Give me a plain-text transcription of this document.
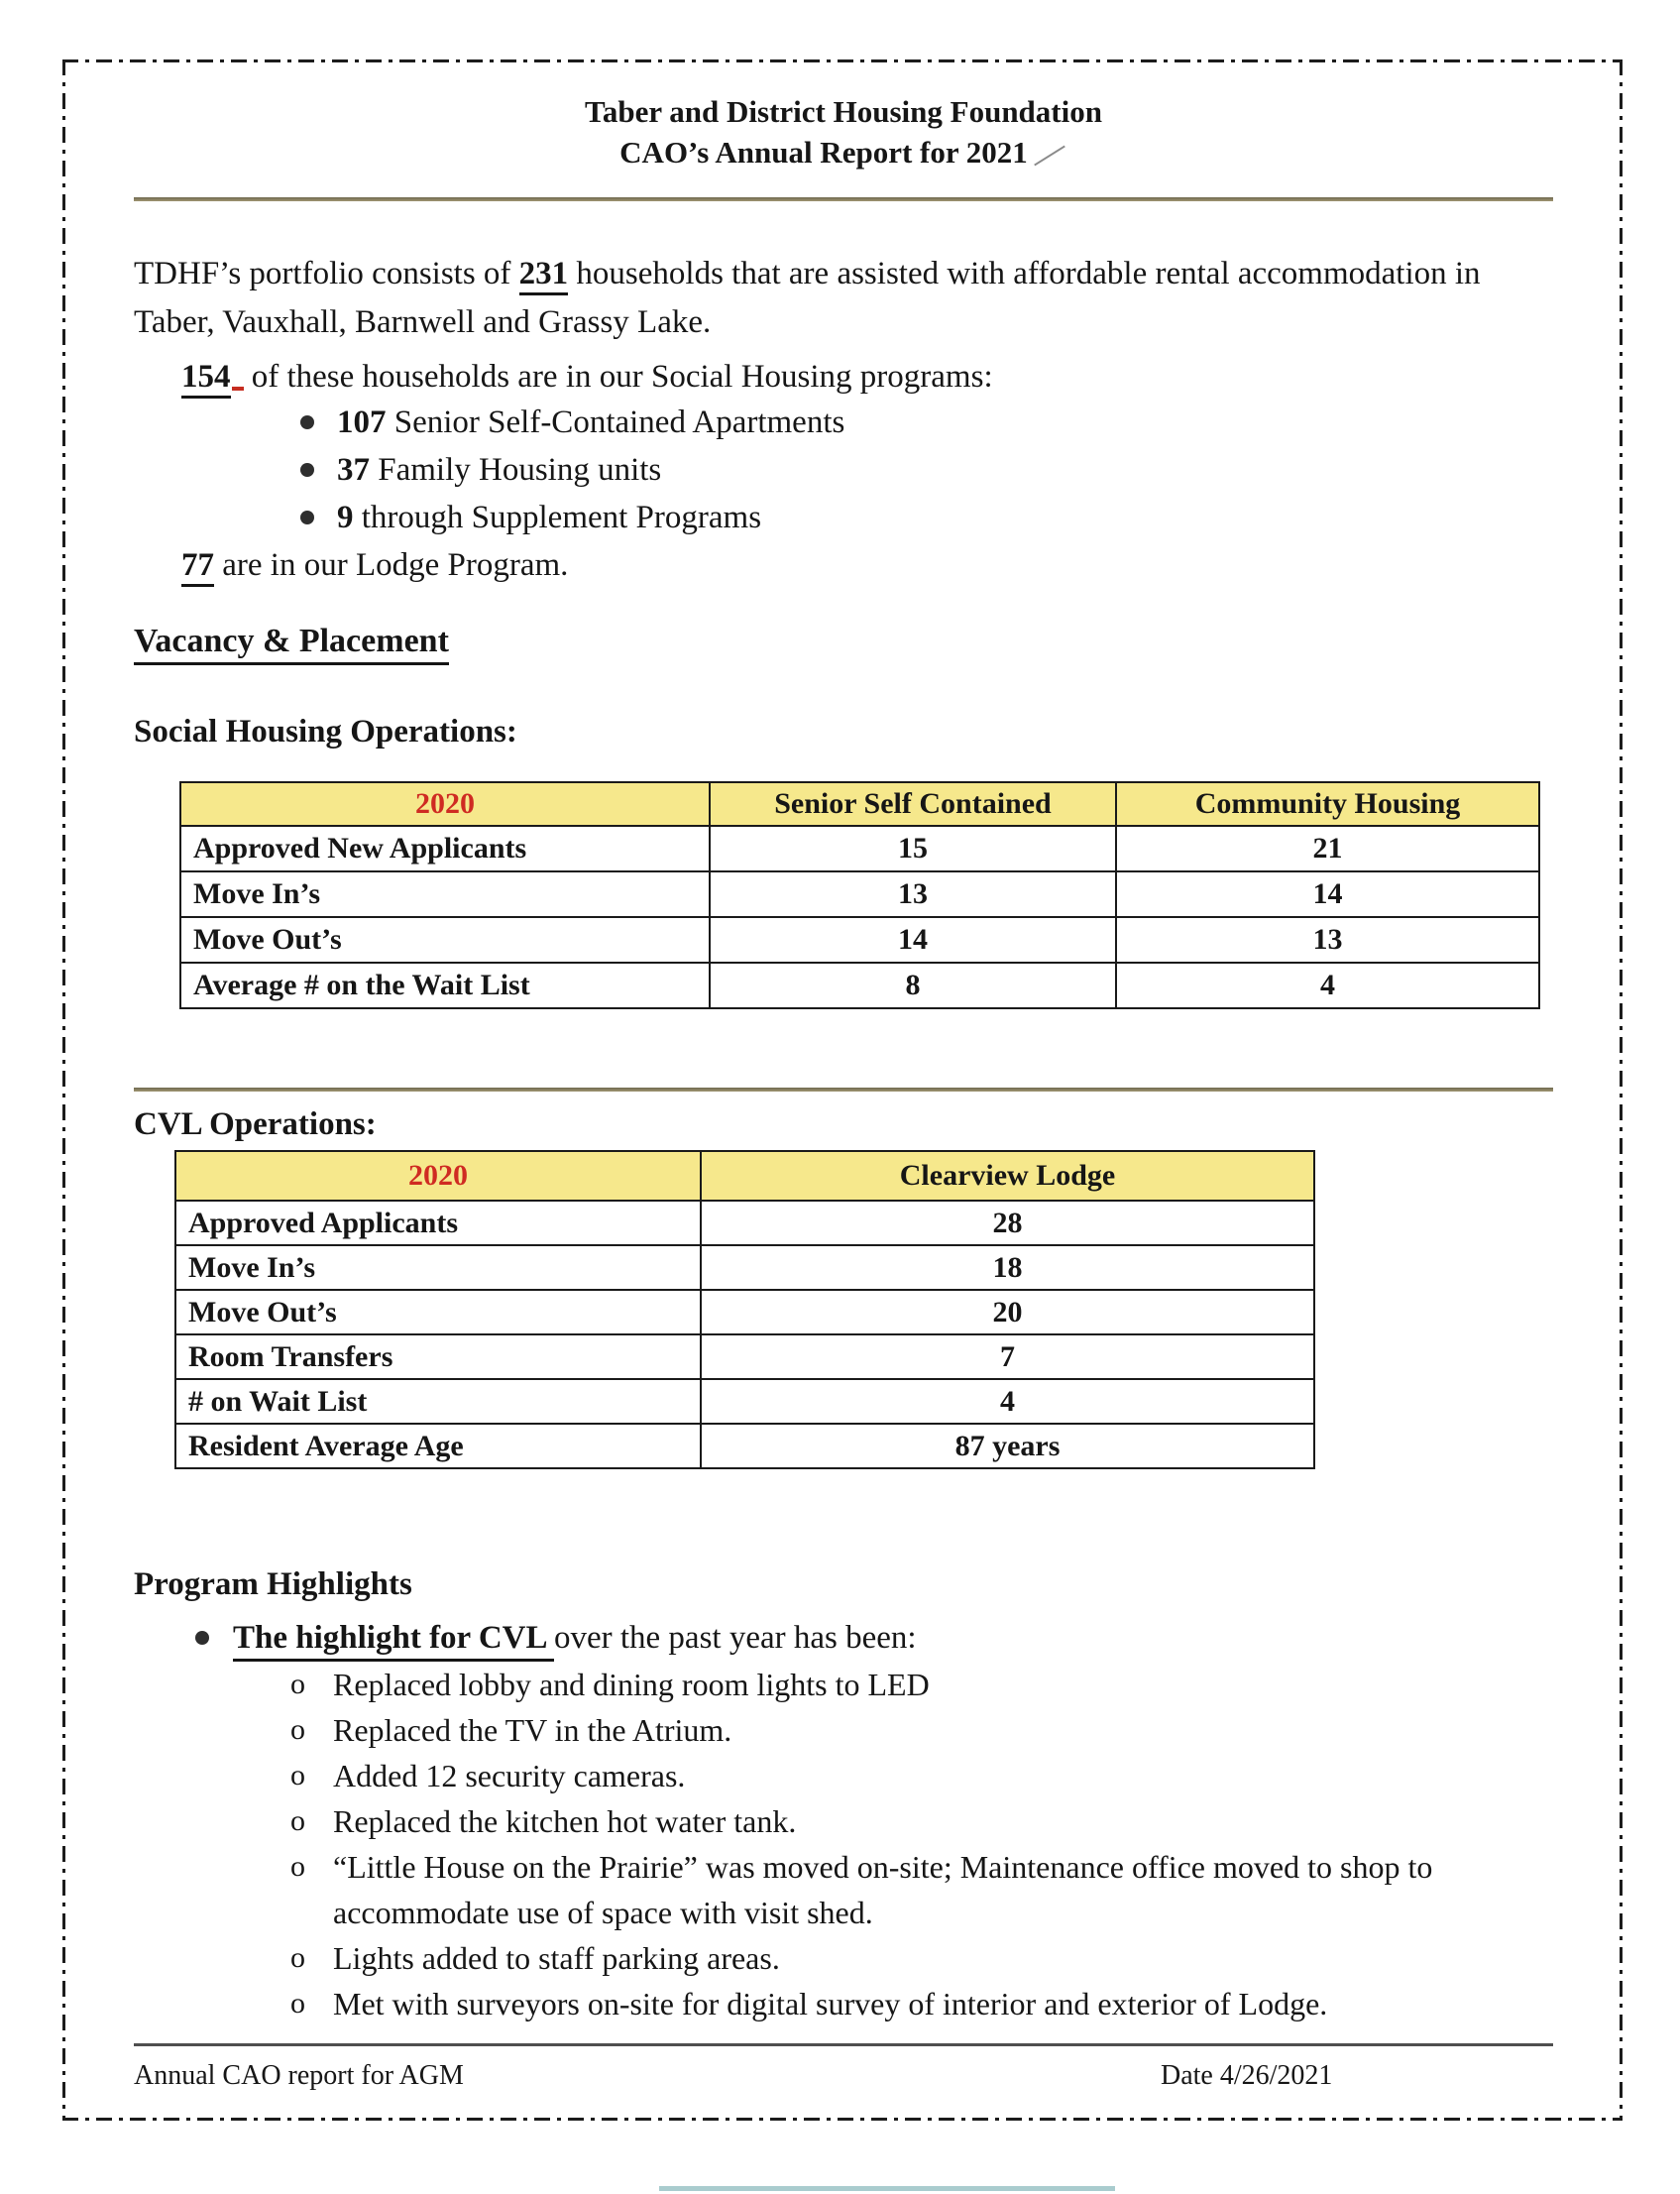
Taber and District Housing Foundation
CAO’s Annual Report for 2021
TDHF’s portfolio consists of 231 households that are assisted with affordable rental accommodation in Taber, Vauxhall, Barnwell and Grassy Lake.
154 of these households are in our Social Housing programs:
107 Senior Self-Contained Apartments
37 Family Housing units
9 through Supplement Programs
77 are in our Lodge Program.
Vacancy & Placement
Social Housing Operations:
2020	Senior Self Contained	Community Housing
Approved New Applicants	15	21
Move In’s	13	14
Move Out’s	14	13
Average # on the Wait List	8	4
CVL Operations:
2020	Clearview Lodge
Approved Applicants	28
Move In’s	18
Move Out’s	20
Room Transfers	7
# on Wait List	4
Resident Average Age	87 years
Program Highlights
The highlight for CVL over the past year has been:
o Replaced lobby and dining room lights to LED
o Replaced the TV in the Atrium.
o Added 12 security cameras.
o Replaced the kitchen hot water tank.
o “Little House on the Prairie” was moved on-site; Maintenance office moved to shop to accommodate use of space with visit shed.
o Lights added to staff parking areas.
o Met with surveyors on-site for digital survey of interior and exterior of Lodge.
Annual CAO report for AGM	Date 4/26/2021
